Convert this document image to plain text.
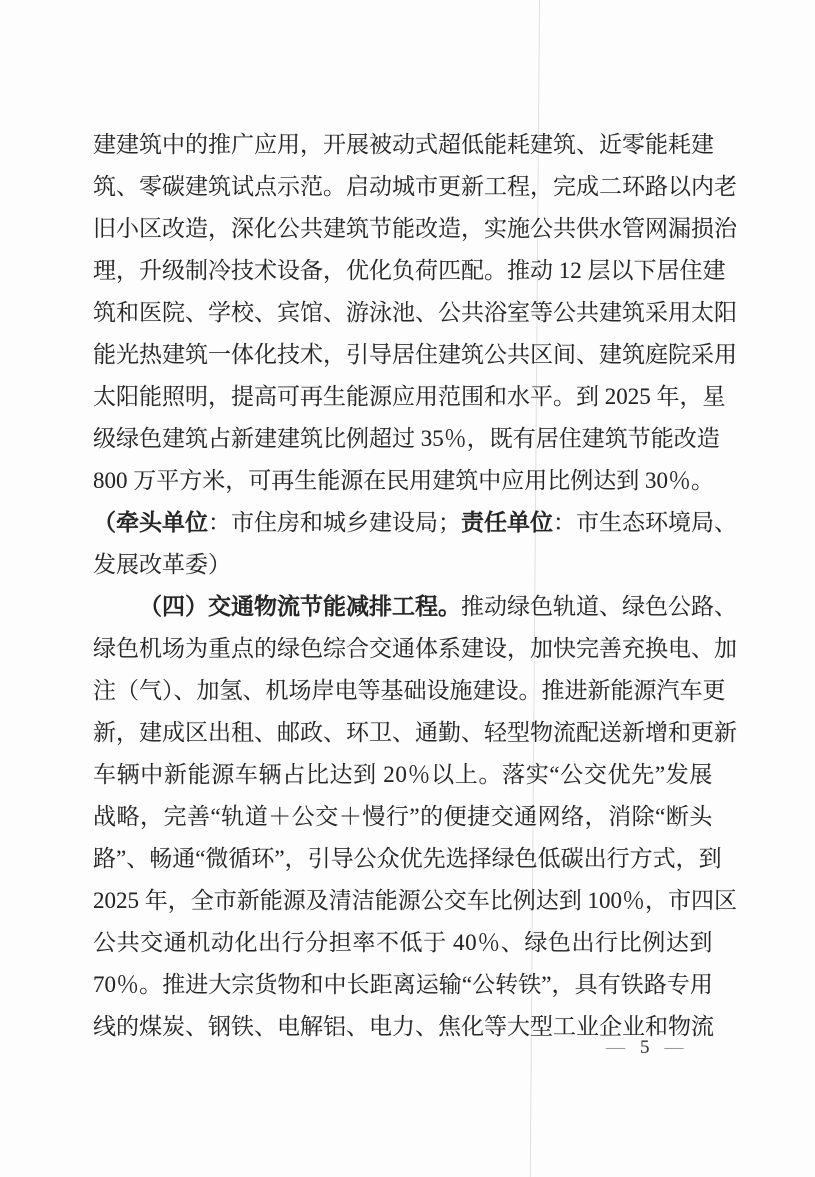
建建筑中的推广应用，开展被动式超低能耗建筑、近零能耗建
筑、零碳建筑试点示范。启动城市更新工程，完成二环路以内老
旧小区改造，深化公共建筑节能改造，实施公共供水管网漏损治
理，升级制冷技术设备，优化负荷匹配。推动 12 层以下居住建
筑和医院、学校、宾馆、游泳池、公共浴室等公共建筑采用太阳
能光热建筑一体化技术，引导居住建筑公共区间、建筑庭院采用
太阳能照明，提高可再生能源应用范围和水平。到 2025 年，星
级绿色建筑占新建建筑比例超过 35％，既有居住建筑节能改造
800 万平方米，可再生能源在民用建筑中应用比例达到 30％。
（牵头单位：市住房和城乡建设局；责任单位：市生态环境局、
发展改革委）
（四）交通物流节能减排工程。推动绿色轨道、绿色公路、
绿色机场为重点的绿色综合交通体系建设，加快完善充换电、加
注（气）、加氢、机场岸电等基础设施建设。推进新能源汽车更
新，建成区出租、邮政、环卫、通勤、轻型物流配送新增和更新
车辆中新能源车辆占比达到 20％以上。落实“公交优先”发展
战略，完善“轨道＋公交＋慢行”的便捷交通网络，消除“断头
路”、畅通“微循环”，引导公众优先选择绿色低碳出行方式，到
2025 年，全市新能源及清洁能源公交车比例达到 100％，市四区
公共交通机动化出行分担率不低于 40％、绿色出行比例达到
70％。推进大宗货物和中长距离运输“公转铁”，具有铁路专用
线的煤炭、钢铁、电解铝、电力、焦化等大型工业企业和物流
— 5 —
